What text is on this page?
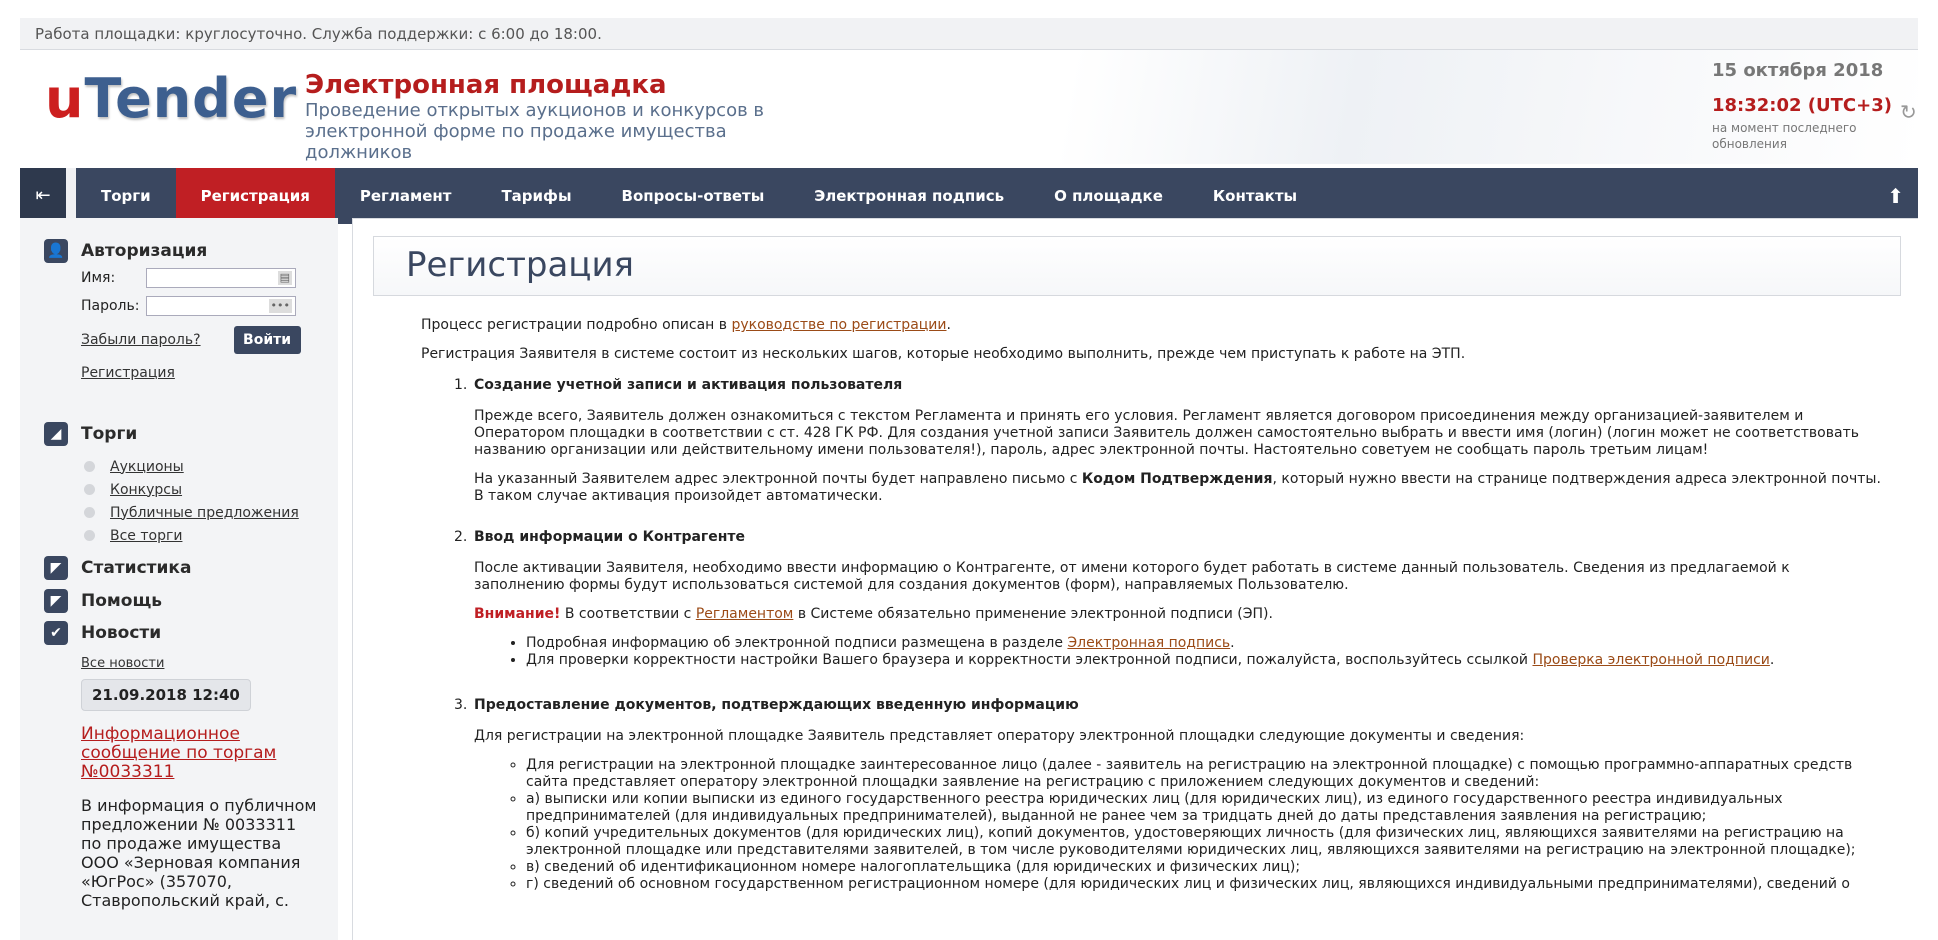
Работа площадки: круглосуточно. Служба поддержки: с 6:00 до 18:00.
uTender Электронная площадка
Проведение открытых аукционов и конкурсов в электронной форме по продаже имущества должников
15 октября 2018
18:32:02 (UTC+3)
на момент последнего обновления
↻
⇤	Торги	Регистрация	Регламент	Тарифы	Вопросы-ответы	Электронная подпись	О площадке	Контакты	⬆
👤 Авторизация
Имя:	▤
Пароль:	•••
Забыли пароль?	Войти
Регистрация
◢	Торги
Аукционы
Конкурсы
Публичные предложения
Все торги
◤	Статистика
◤	Помощь
✔	Новости
Все новости
21.09.2018 12:40
Информационное сообщение по торгам №0033311
В информация о публичном предложении № 0033311 по продаже имущества ООО «Зерновая компания «ЮгРос» (357070, Ставропольский край, с.
Регистрация

Процесс регистрации подробно описан в руководстве по регистрации.

Регистрация Заявителя в системе состоит из нескольких шагов, которые необходимо выполнить, прежде чем приступать к работе на ЭТП.

1. Создание учетной записи и активация пользователя

Прежде всего, Заявитель должен ознакомиться с текстом Регламента и принять его условия. Регламент является договором присоединения между организацией-заявителем и Оператором площадки в соответствии с ст. 428 ГК РФ. Для создания учетной записи Заявитель должен самостоятельно выбрать и ввести имя (логин) (логин может не соответствовать названию организации или действительному имени пользователя!), пароль, адрес электронной почты. Настоятельно советуем не сообщать пароль третьим лицам!

На указанный Заявителем адрес электронной почты будет направлено письмо с Кодом Подтверждения, который нужно ввести на странице подтверждения адреса электронной почты. В таком случае активация произойдет автоматически.

2. Ввод информации о Контрагенте

После активации Заявителя, необходимо ввести информацию о Контрагенте, от имени которого будет работать в системе данный пользователь. Сведения из предлагаемой к заполнению формы будут использоваться системой для создания документов (форм), направляемых Пользователю.

Внимание! В соответствии с Регламентом в Системе обязательно применение электронной подписи (ЭП).

• Подробная информацию об электронной подписи размещена в разделе Электронная подпись.
• Для проверки корректности настройки Вашего браузера и корректности электронной подписи, пожалуйста, воспользуйтесь ссылкой Проверка электронной подписи.
3. Предоставление документов, подтверждающих введенную информацию

Для регистрации на электронной площадке Заявитель представляет оператору электронной площадки следующие документы и сведения:

◦ Для регистрации на электронной площадке заинтересованное лицо (далее - заявитель на регистрацию на электронной площадке) с помощью программно-аппаратных средств сайта представляет оператору электронной площадки заявление на регистрацию с приложением следующих документов и сведений:
◦ а) выписки или копии выписки из единого государственного реестра юридических лиц (для юридических лиц), из единого государственного реестра индивидуальных предпринимателей (для индивидуальных предпринимателей), выданной не ранее чем за тридцать дней до даты представления заявления на регистрацию;
◦ б) копий учредительных документов (для юридических лиц), копий документов, удостоверяющих личность (для физических лиц, являющихся заявителями на регистрацию на электронной площадке или представителями заявителей, в том числе руководителями юридических лиц, являющихся заявителями на регистрацию на электронной площадке);
◦ в) сведений об идентификационном номере налогоплательщика (для юридических и физических лиц);
◦ г) сведений об основном государственном регистрационном номере (для юридических лиц и физических лиц, являющихся индивидуальными предпринимателями), сведений о
